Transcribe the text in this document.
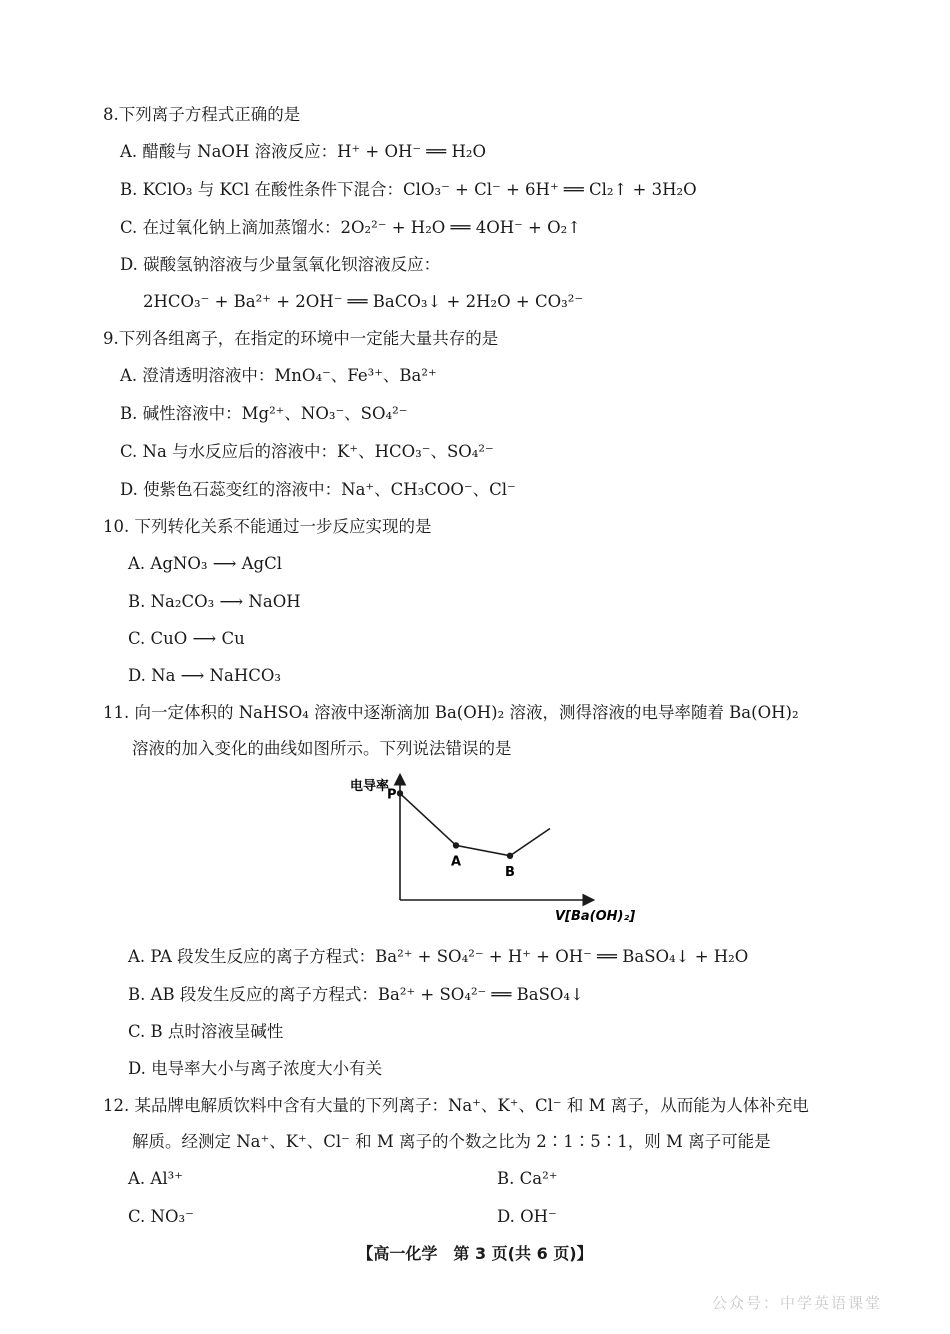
8.下列离子方程式正确的是
A. 醋酸与 NaOH 溶液反应：H⁺ + OH⁻ ══ H₂O
B. KClO₃ 与 KCl 在酸性条件下混合：ClO₃⁻ + Cl⁻ + 6H⁺ ══ Cl₂↑ + 3H₂O
C. 在过氧化钠上滴加蒸馏水：2O₂²⁻ + H₂O ══ 4OH⁻ + O₂↑
D. 碳酸氢钠溶液与少量氢氧化钡溶液反应：
2HCO₃⁻ + Ba²⁺ + 2OH⁻ ══ BaCO₃↓ + 2H₂O + CO₃²⁻
9.下列各组离子，在指定的环境中一定能大量共存的是
A. 澄清透明溶液中：MnO₄⁻、Fe³⁺、Ba²⁺
B. 碱性溶液中：Mg²⁺、NO₃⁻、SO₄²⁻
C. Na 与水反应后的溶液中：K⁺、HCO₃⁻、SO₄²⁻
D. 使紫色石蕊变红的溶液中：Na⁺、CH₃COO⁻、Cl⁻
10. 下列转化关系不能通过一步反应实现的是
A. AgNO₃ ⟶ AgCl
B. Na₂CO₃ ⟶ NaOH
C. CuO ⟶ Cu
D. Na ⟶ NaHCO₃
11. 向一定体积的 NaHSO₄ 溶液中逐渐滴加 Ba(OH)₂ 溶液，测得溶液的电导率随着 Ba(OH)₂
溶液的加入变化的曲线如图所示。下列说法错误的是
电导率
V[Ba(OH)₂]
P
A
B
A. PA 段发生反应的离子方程式：Ba²⁺ + SO₄²⁻ + H⁺ + OH⁻ ══ BaSO₄↓ + H₂O
B. AB 段发生反应的离子方程式：Ba²⁺ + SO₄²⁻ ══ BaSO₄↓
C. B 点时溶液呈碱性
D. 电导率大小与离子浓度大小有关
12. 某品牌电解质饮料中含有大量的下列离子：Na⁺、K⁺、Cl⁻ 和 M 离子，从而能为人体补充电
解质。经测定 Na⁺、K⁺、Cl⁻ 和 M 离子的个数之比为 2∶1∶5∶1，则 M 离子可能是
A. Al³⁺	B. Ca²⁺
C. NO₃⁻	D. OH⁻
【高一化学　第 3 页(共 6 页)】
公众号：中学英语课堂
